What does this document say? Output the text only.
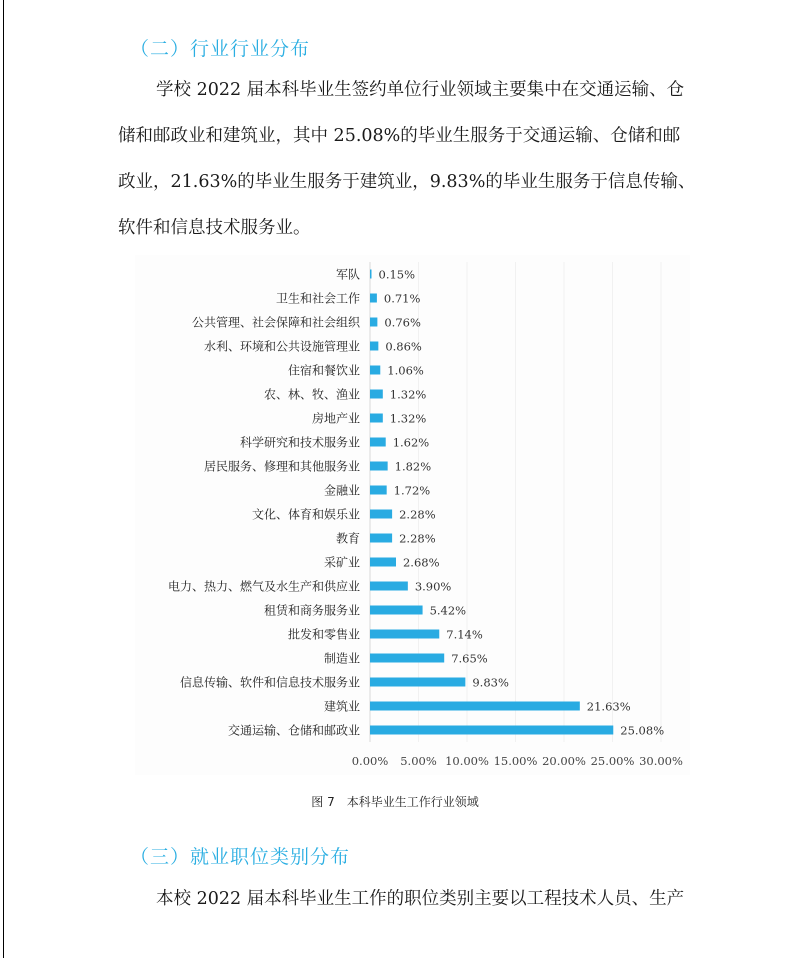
（二）行业行业分布
学校 2022 届本科毕业生签约单位行业领域主要集中在交通运输、仓
储和邮政业和建筑业，其中 25.08%的毕业生服务于交通运输、仓储和邮
政业，21.63%的毕业生服务于建筑业，9.83%的毕业生服务于信息传输、
软件和信息技术服务业。
军队 0.15%
卫生和社会工作 0.71%
公共管理、社会保障和社会组织 0.76%
水利、环境和公共设施管理业 0.86%
住宿和餐饮业 1.06%
农、林、牧、渔业	1.32%
房地产业	1.32%
科学研究和技术服务业	1.62%
居民服务、修理和其他服务业	1.82%
金融业	1.72%
文化、体育和娱乐业	2.28%
教育	2.28%
采矿业	2.68%
电力、热力、燃气及水生产和供应业	3.90%
租赁和商务服务业	5.42%
批发和零售业	7.14%
制造业	7.65%
信息传输、软件和信息技术服务业	9.83%
建筑业	21.63%
交通运输、仓储和邮政业	25.08%
0.00% 5.00% 10.00% 15.00% 20.00% 25.00% 30.00%
图 7　本科毕业生工作行业领域
（三）就业职位类别分布
本校 2022 届本科毕业生工作的职位类别主要以工程技术人员、生产
